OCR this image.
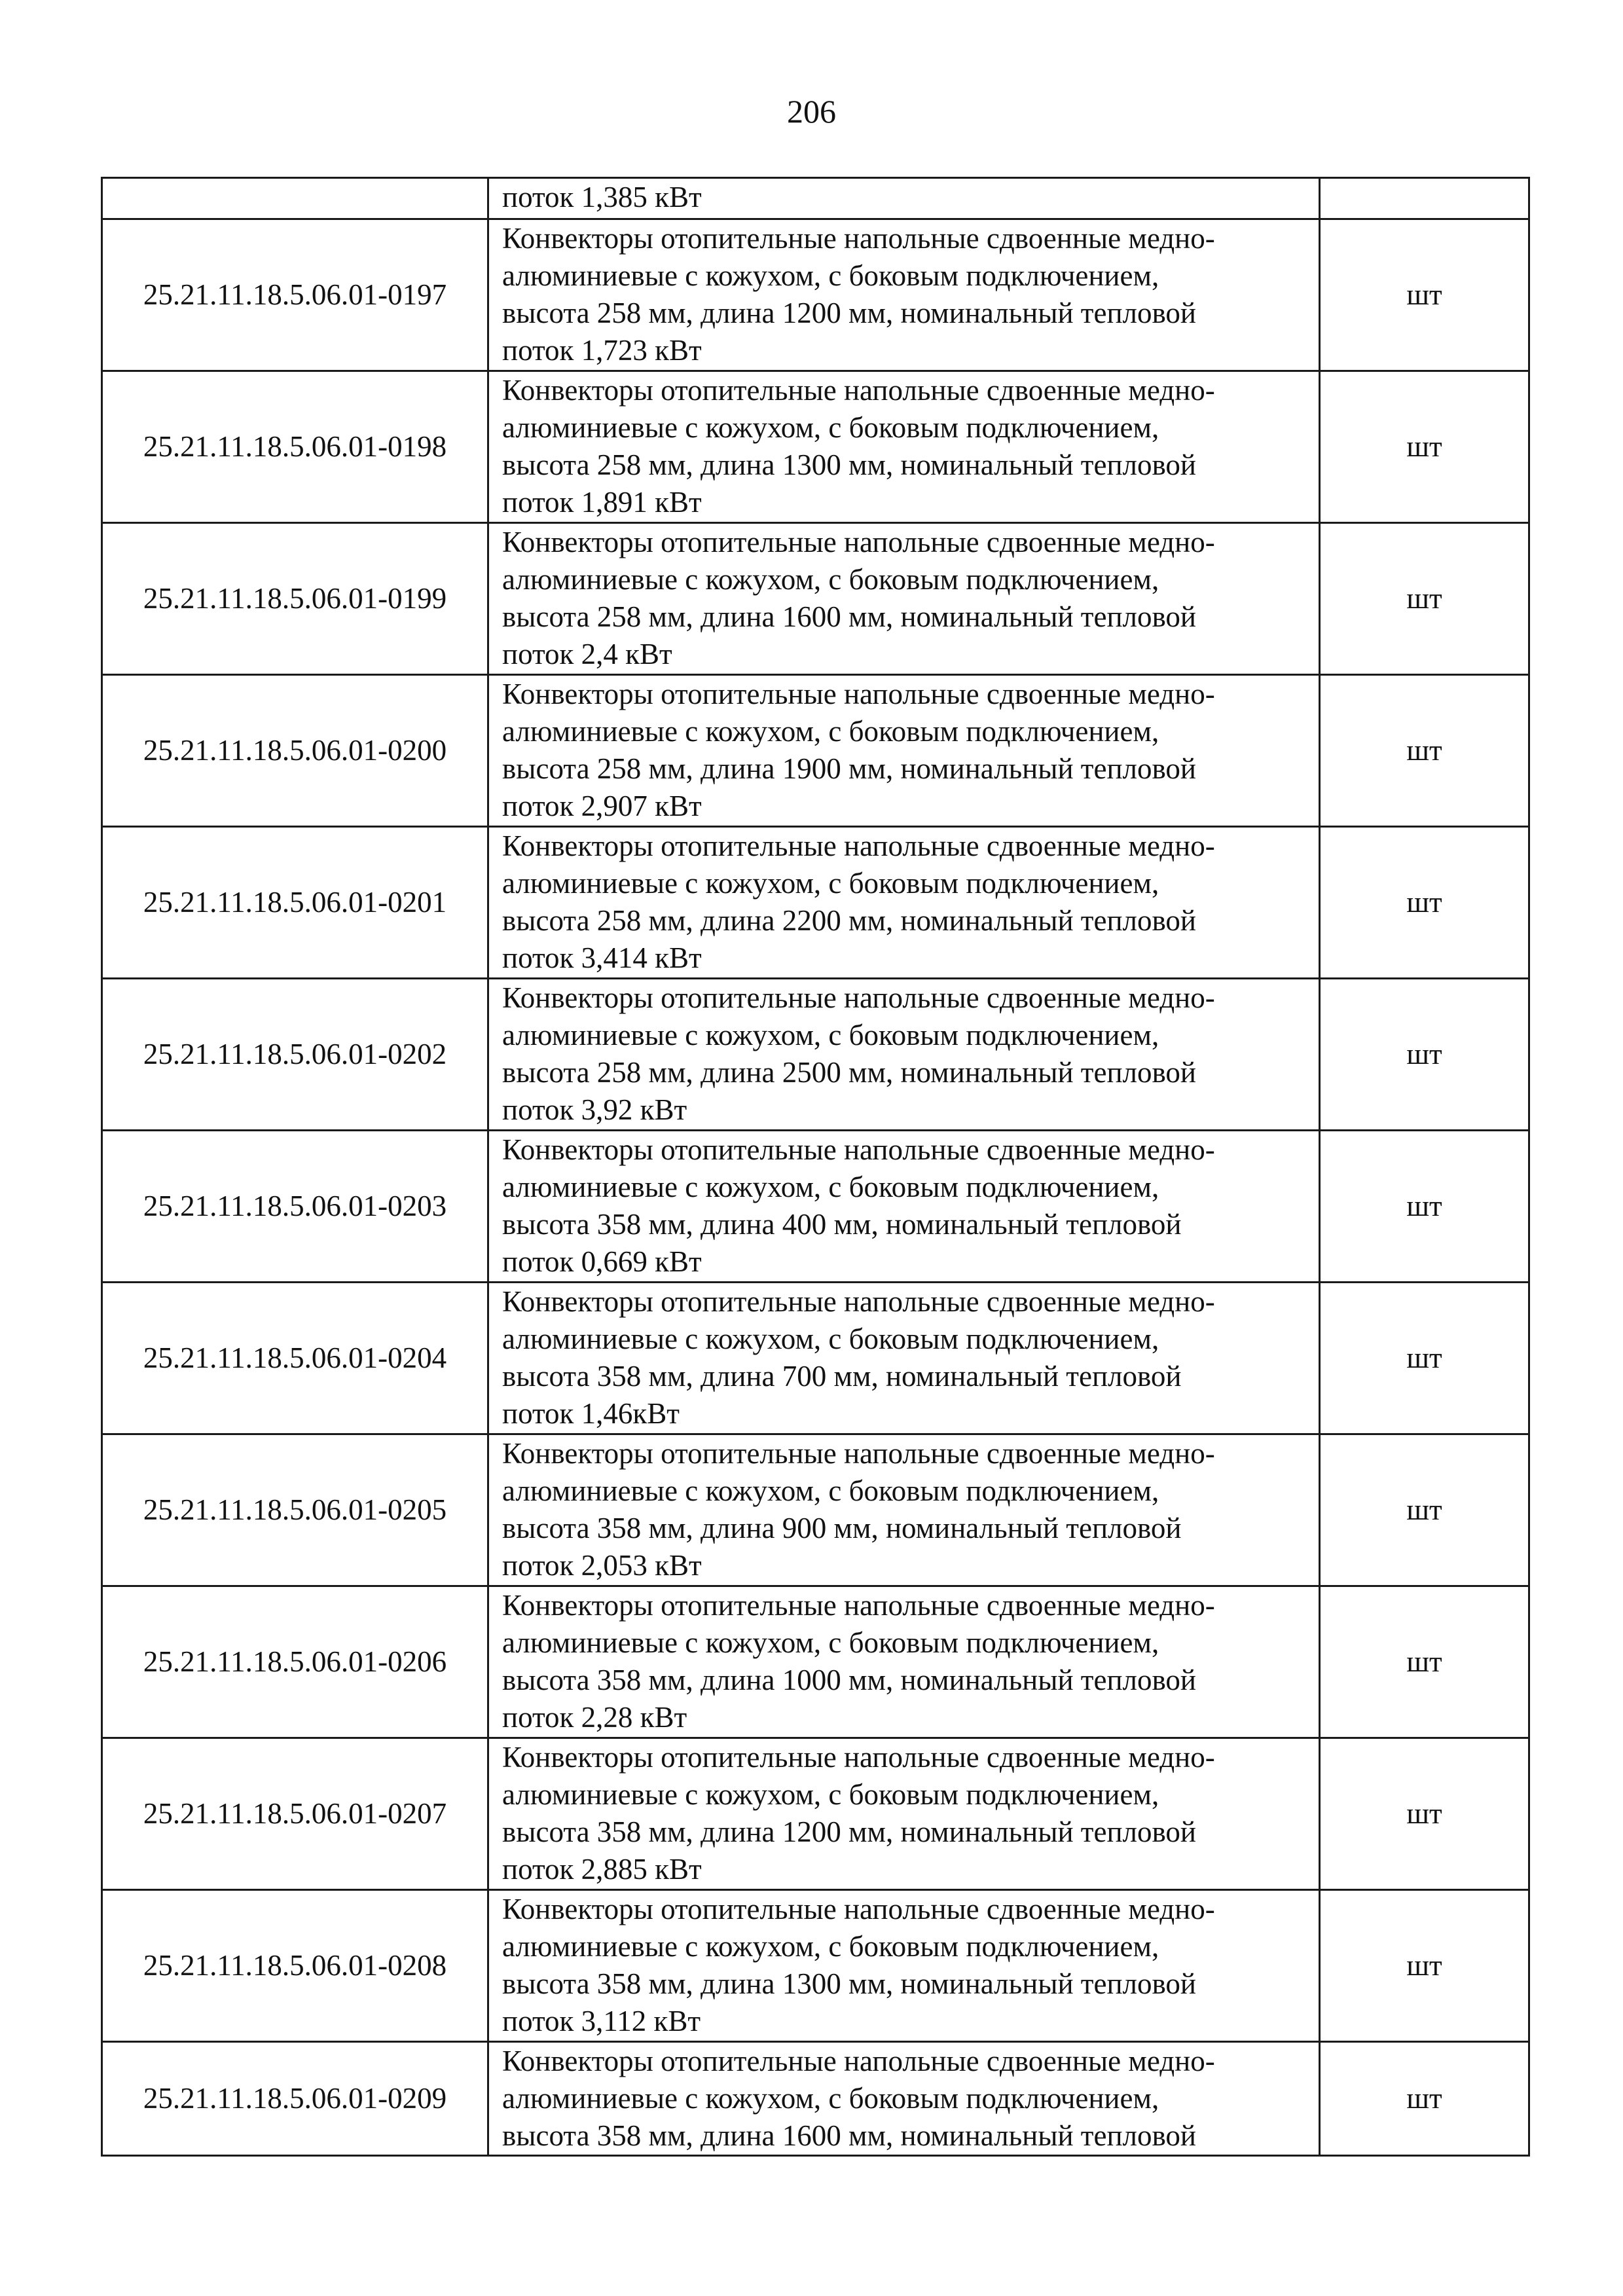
206

	поток 1,385 кВт	

25.21.11.18.5.06.01-0197	Конвекторы отопительные напольные сдвоенные медно-
алюминиевые с кожухом, с боковым подключением,
высота 258 мм, длина 1200 мм, номинальный тепловой
поток 1,723 кВт	шт
25.21.11.18.5.06.01-0198	Конвекторы отопительные напольные сдвоенные медно-
алюминиевые с кожухом, с боковым подключением,
высота 258 мм, длина 1300 мм, номинальный тепловой
поток 1,891 кВт	шт
25.21.11.18.5.06.01-0199	Конвекторы отопительные напольные сдвоенные медно-
алюминиевые с кожухом, с боковым подключением,
высота 258 мм, длина 1600 мм, номинальный тепловой
поток 2,4 кВт	шт
25.21.11.18.5.06.01-0200	Конвекторы отопительные напольные сдвоенные медно-
алюминиевые с кожухом, с боковым подключением,
высота 258 мм, длина 1900 мм, номинальный тепловой
поток 2,907 кВт	шт
25.21.11.18.5.06.01-0201	Конвекторы отопительные напольные сдвоенные медно-
алюминиевые с кожухом, с боковым подключением,
высота 258 мм, длина 2200 мм, номинальный тепловой
поток 3,414 кВт	шт
25.21.11.18.5.06.01-0202	Конвекторы отопительные напольные сдвоенные медно-
алюминиевые с кожухом, с боковым подключением,
высота 258 мм, длина 2500 мм, номинальный тепловой
поток 3,92 кВт	шт
25.21.11.18.5.06.01-0203	Конвекторы отопительные напольные сдвоенные медно-
алюминиевые с кожухом, с боковым подключением,
высота 358 мм, длина 400 мм, номинальный тепловой
поток 0,669 кВт	шт
25.21.11.18.5.06.01-0204	Конвекторы отопительные напольные сдвоенные медно-
алюминиевые с кожухом, с боковым подключением,
высота 358 мм, длина 700 мм, номинальный тепловой
поток 1,46кВт	шт
25.21.11.18.5.06.01-0205	Конвекторы отопительные напольные сдвоенные медно-
алюминиевые с кожухом, с боковым подключением,
высота 358 мм, длина 900 мм, номинальный тепловой
поток 2,053 кВт	шт
25.21.11.18.5.06.01-0206	Конвекторы отопительные напольные сдвоенные медно-
алюминиевые с кожухом, с боковым подключением,
высота 358 мм, длина 1000 мм, номинальный тепловой
поток 2,28 кВт	шт
25.21.11.18.5.06.01-0207	Конвекторы отопительные напольные сдвоенные медно-
алюминиевые с кожухом, с боковым подключением,
высота 358 мм, длина 1200 мм, номинальный тепловой
поток 2,885 кВт	шт
25.21.11.18.5.06.01-0208	Конвекторы отопительные напольные сдвоенные медно-
алюминиевые с кожухом, с боковым подключением,
высота 358 мм, длина 1300 мм, номинальный тепловой
поток 3,112 кВт	шт
25.21.11.18.5.06.01-0209	Конвекторы отопительные напольные сдвоенные медно-
алюминиевые с кожухом, с боковым подключением,
высота 358 мм, длина 1600 мм, номинальный тепловой	шт
